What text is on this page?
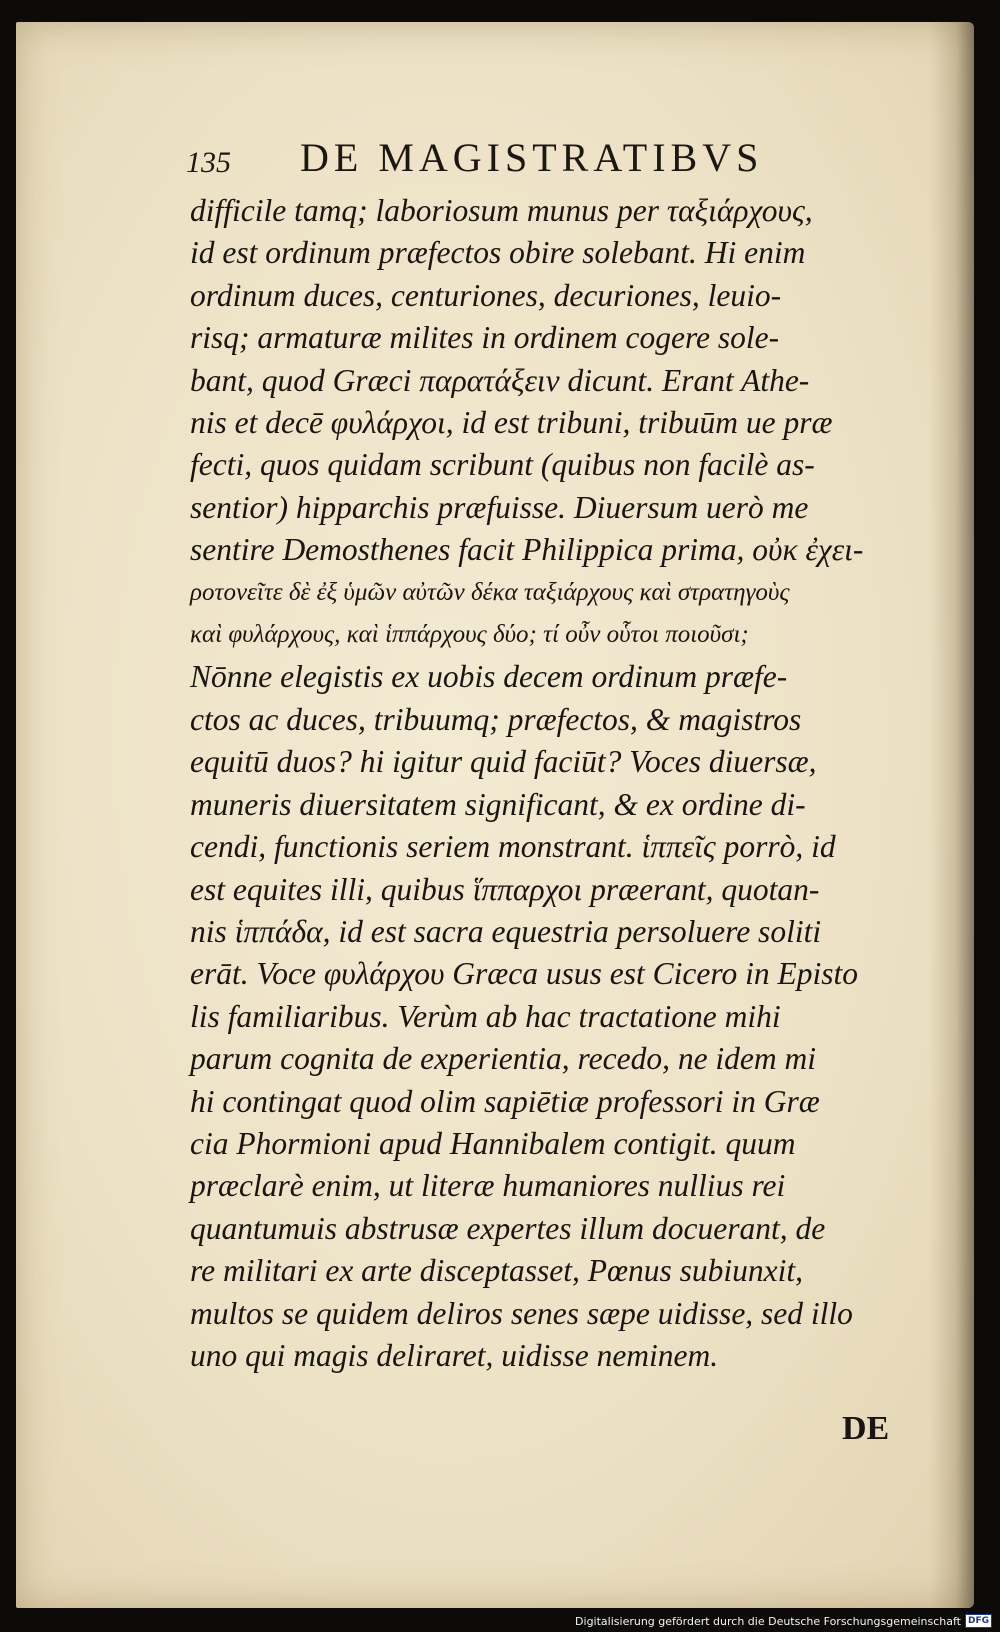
135 DE MAGISTRATIBVS
difficile tamq; laboriosum munus per ταξιάρχους,
id est ordinum præfectos obire solebant. Hi enim
ordinum duces, centuriones, decuriones, leuio-
risq; armaturæ milites in ordinem cogere sole-
bant, quod Græci παρατάξειν dicunt. Erant Athe-
nis et decē φυλάρχοι, id est tribuni, tribuūm ue præ
fecti, quos quidam scribunt (quibus non facilè as-
sentior) hipparchis præfuisse. Diuersum uerò me
sentire Demosthenes facit Philippica prima, οὐκ ἐχει-
ροτονεῖτε δὲ ἐξ ὑμῶν αὐτῶν δέκα ταξιάρχους καὶ στρατηγοὺς
καὶ φυλάρχους, καὶ ἱππάρχους δύο; τί οὖν οὗτοι ποιοῦσι;
Nōnne elegistis ex uobis decem ordinum præfe-
ctos ac duces, tribuumq; præfectos, & magistros
equitū duos? hi igitur quid faciūt? Voces diuersæ,
muneris diuersitatem significant, & ex ordine di-
cendi, functionis seriem monstrant. ἱππεῖς porrò, id
est equites illi, quibus ἵππαρχοι præerant, quotan-
nis ἱππάδα, id est sacra equestria persoluere soliti
erāt. Voce φυλάρχου Græca usus est Cicero in Episto
lis familiaribus. Verùm ab hac tractatione mihi
parum cognita de experientia, recedo, ne idem mi
hi contingat quod olim sapiētiæ professori in Græ
cia Phormioni apud Hannibalem contigit. quum
præclarè enim, ut literæ humaniores nullius rei
quantumuis abstrusæ expertes illum docuerant, de
re militari ex arte disceptasset, Pœnus subiunxit,
multos se quidem deliros senes sæpe uidisse, sed illo
uno qui magis deliraret, uidisse neminem.
DE
Digitalisierung gefördert durch die Deutsche Forschungsgemeinschaft DFG
